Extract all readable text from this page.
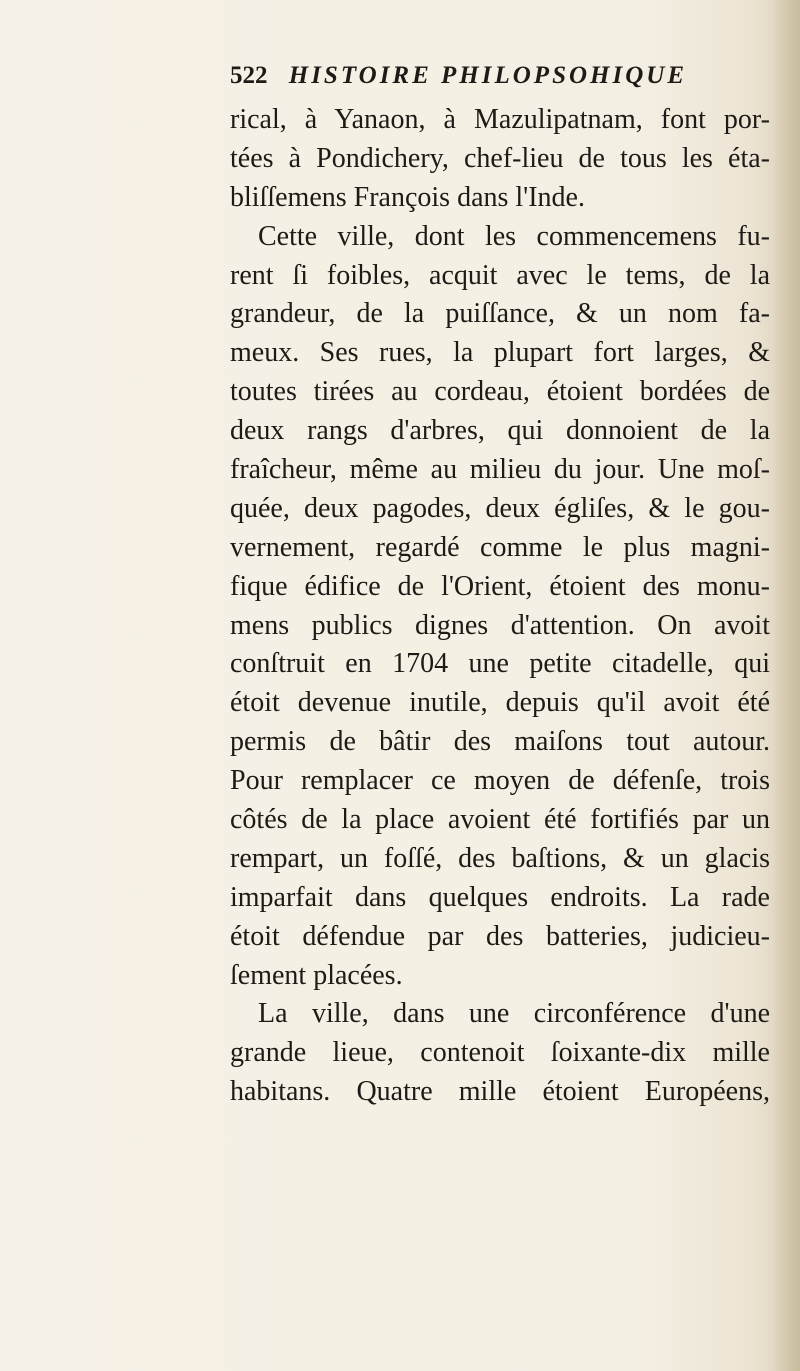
522 HISTOIRE PHILOPSOHIQUE
rical, à Yanaon, à Mazulipatnam, font por-
tées à Pondichery, chef-lieu de tous les éta-
bliſſemens François dans l'Inde.
Cette ville, dont les commencemens fu-
rent ſi foibles, acquit avec le tems, de la
grandeur, de la puiſſance, & un nom fa-
meux. Ses rues, la plupart fort larges, &
toutes tirées au cordeau, étoient bordées de
deux rangs d'arbres, qui donnoient de la
fraîcheur, même au milieu du jour. Une moſ-
quée, deux pagodes, deux égliſes, & le gou-
vernement, regardé comme le plus magni-
fique édifice de l'Orient, étoient des monu-
mens publics dignes d'attention. On avoit
conſtruit en 1704 une petite citadelle, qui
étoit devenue inutile, depuis qu'il avoit été
permis de bâtir des maiſons tout autour.
Pour remplacer ce moyen de défenſe, trois
côtés de la place avoient été fortifiés par un
rempart, un foſſé, des baſtions, & un glacis
imparfait dans quelques endroits. La rade
étoit défendue par des batteries, judicieu-
ſement placées.
La ville, dans une circonférence d'une
grande lieue, contenoit ſoixante-dix mille
habitans. Quatre mille étoient Européens,
